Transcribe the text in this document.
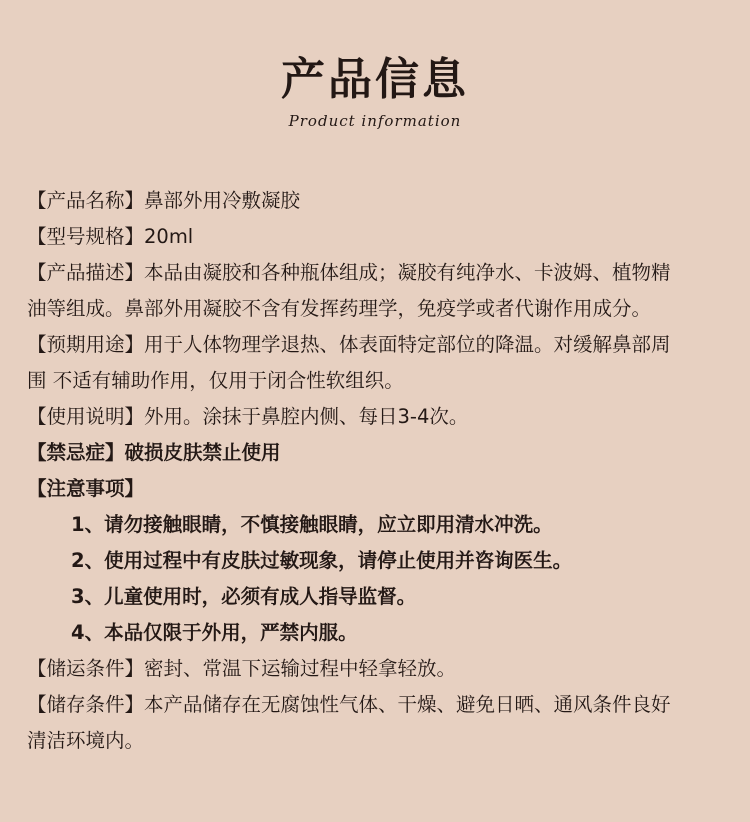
产品信息
Product information
【产品名称】鼻部外用冷敷凝胶
【型号规格】20ml
【产品描述】本品由凝胶和各种瓶体组成；凝胶有纯净水、卡波姆、植物精
油等组成。鼻部外用凝胶不含有发挥药理学，免疫学或者代谢作用成分。
【预期用途】用于人体物理学退热、体表面特定部位的降温。对缓解鼻部周
围 不适有辅助作用，仅用于闭合性软组织。
【使用说明】外用。涂抹于鼻腔内侧、每日3-4次。
【禁忌症】破损皮肤禁止使用
【注意事项】
1、请勿接触眼睛，不慎接触眼睛，应立即用清水冲洗。
2、使用过程中有皮肤过敏现象，请停止使用并咨询医生。
3、儿童使用时，必须有成人指导监督。
4、本品仅限于外用，严禁内服。
【储运条件】密封、常温下运输过程中轻拿轻放。
【储存条件】本产品储存在无腐蚀性气体、干燥、避免日晒、通风条件良好
清洁环境内。
